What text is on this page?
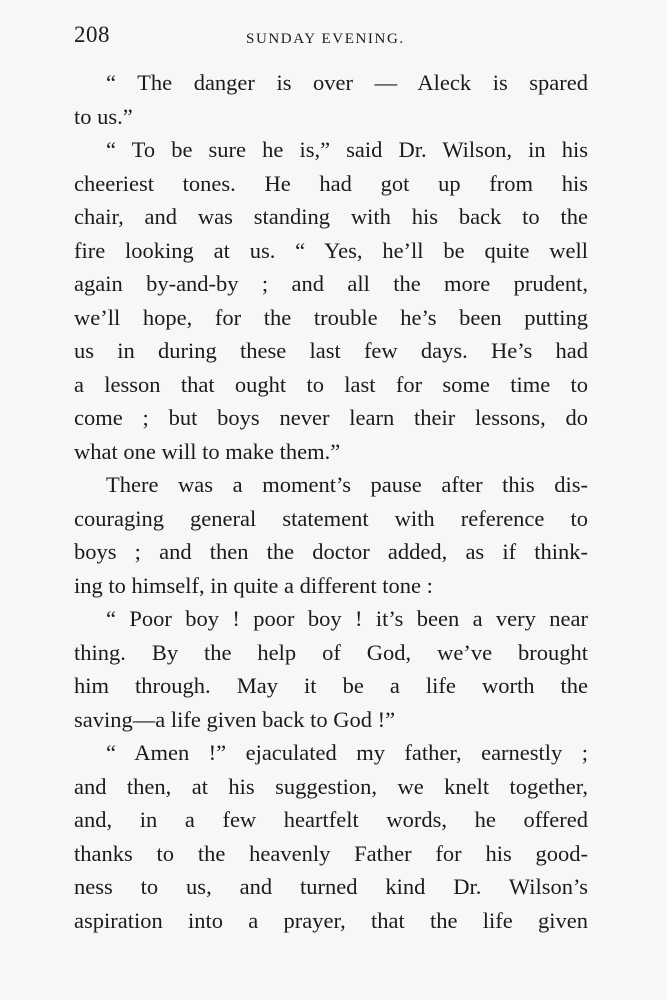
208	SUNDAY EVENING.

“ The danger is over — Aleck is spared
to us.”

“ To be sure he is,” said Dr. Wilson, in his
cheeriest tones. He had got up from his
chair, and was standing with his back to the
fire looking at us. “ Yes, he’ll be quite well
again by-and-by ; and all the more prudent,
we’ll hope, for the trouble he’s been putting
us in during these last few days. He’s had
a lesson that ought to last for some time to
come ; but boys never learn their lessons, do
what one will to make them.”

There was a moment’s pause after this dis-
couraging general statement with reference to
boys ; and then the doctor added, as if think-
ing to himself, in quite a different tone :

“ Poor boy ! poor boy ! it’s been a very near
thing. By the help of God, we’ve brought
him through. May it be a life worth the
saving—a life given back to God !”

“ Amen !” ejaculated my father, earnestly ;
and then, at his suggestion, we knelt together,
and, in a few heartfelt words, he offered
thanks to the heavenly Father for his good-
ness to us, and turned kind Dr. Wilson’s
aspiration into a prayer, that the life given
